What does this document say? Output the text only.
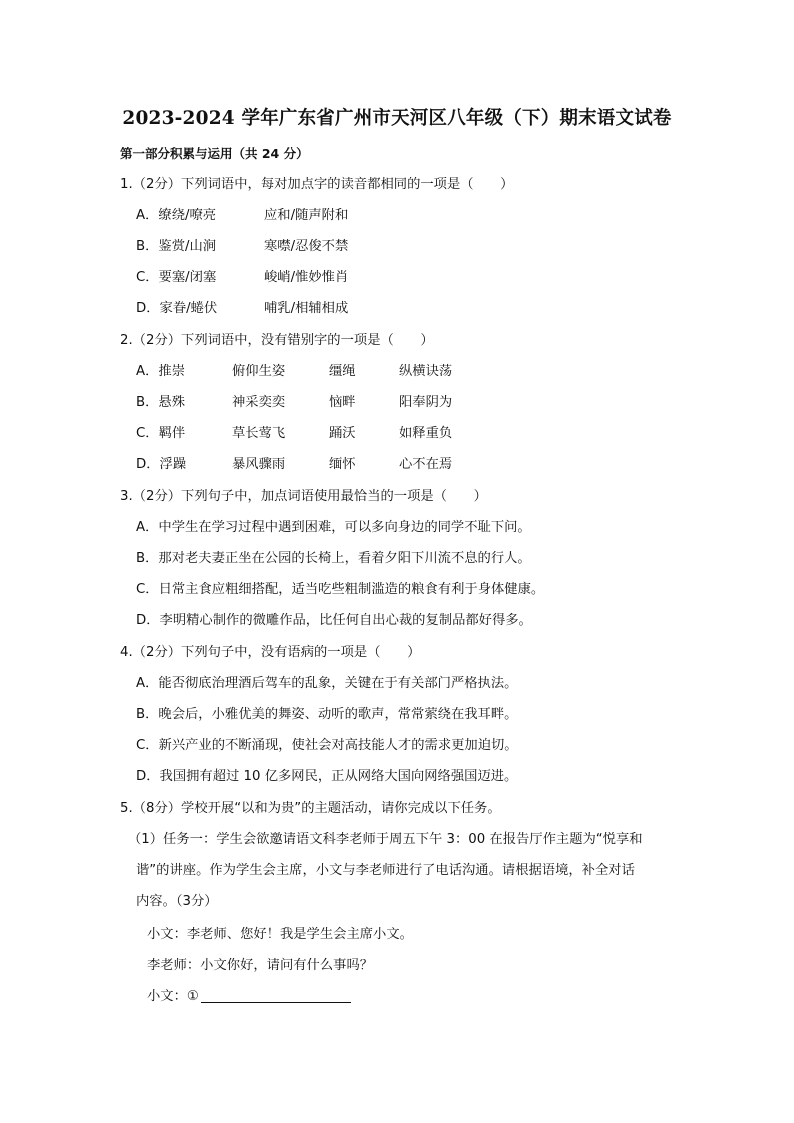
2023-2024 学年广东省广州市天河区八年级（下）期末语文试卷
第一部分积累与运用（共 24 分）
1.（2分）下列词语中，每对加点字的读音都相同的一项是（　　）
A．缭绕/嘹亮	应和/随声附和
B．鉴赏/山涧	寒噤/忍俊不禁
C．要塞/闭塞	峻峭/惟妙惟肖
D．家眷/蜷伏	哺乳/相辅相成
2.（2分）下列词语中，没有错别字的一项是（　　）
A．推崇	俯仰生姿	缰绳	纵横诀荡
B．悬殊	神采奕奕	恼畔	阳奉阴为
C．羁伴	草长莺飞	踊沃	如释重负
D．浮躁	暴风骤雨	缅怀	心不在焉
3.（2分）下列句子中，加点词语使用最恰当的一项是（　　）
A．中学生在学习过程中遇到困难，可以多向身边的同学不耻下问。
B．那对老夫妻正坐在公园的长椅上，看着夕阳下川流不息的行人。
C．日常主食应粗细搭配，适当吃些粗制滥造的粮食有利于身体健康。
D．李明精心制作的微雕作品，比任何自出心裁的复制品都好得多。
4.（2分）下列句子中，没有语病的一项是（　　）
A．能否彻底治理酒后驾车的乱象，关键在于有关部门严格执法。
B．晚会后，小雅优美的舞姿、动听的歌声，常常萦绕在我耳畔。
C．新兴产业的不断涌现，使社会对高技能人才的需求更加迫切。
D．我国拥有超过 10 亿多网民，正从网络大国向网络强国迈进。
5.（8分）学校开展“以和为贵”的主题活动，请你完成以下任务。
（1）任务一：学生会欲邀请语文科李老师于周五下午 3：00 在报告厅作主题为“悦享和
谐”的讲座。作为学生会主席，小文与李老师进行了电话沟通。请根据语境，补全对话
内容。（3分）
小文：李老师、您好！我是学生会主席小文。
李老师：小文你好，请问有什么事吗？
小文：①
